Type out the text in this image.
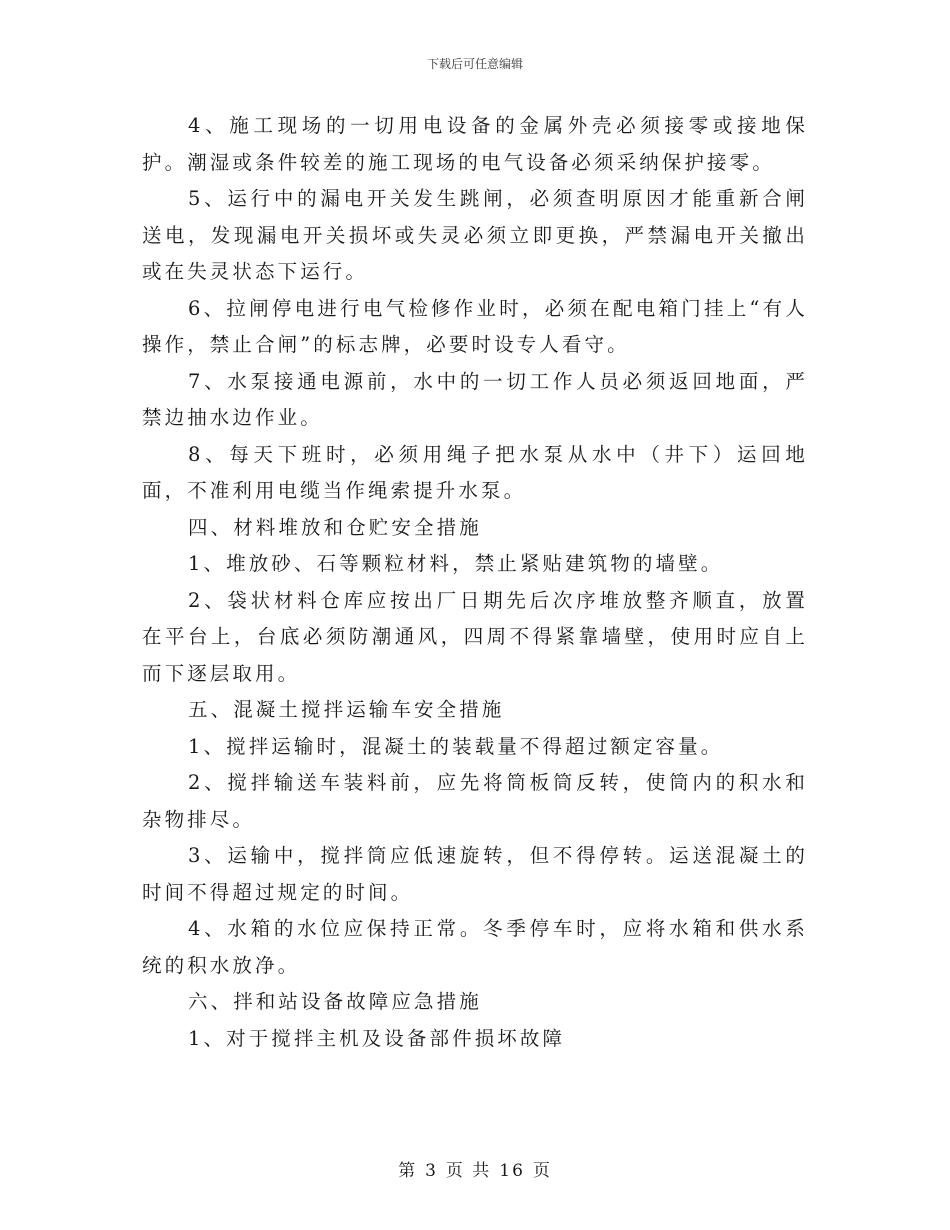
下载后可任意编辑

4、施工现场的一切用电设备的金属外壳必须接零或接地保护。潮湿或条件较差的施工现场的电气设备必须采纳保护接零。

5、运行中的漏电开关发生跳闸，必须查明原因才能重新合闸送电，发现漏电开关损坏或失灵必须立即更换，严禁漏电开关撤出或在失灵状态下运行。

6、拉闸停电进行电气检修作业时，必须在配电箱门挂上“有人操作，禁止合闸”的标志牌，必要时设专人看守。

7、水泵接通电源前，水中的一切工作人员必须返回地面，严禁边抽水边作业。

8、每天下班时，必须用绳子把水泵从水中（井下）运回地面，不准利用电缆当作绳索提升水泵。

四、材料堆放和仓贮安全措施

1、堆放砂、石等颗粒材料，禁止紧贴建筑物的墙壁。

2、袋状材料仓库应按出厂日期先后次序堆放整齐顺直，放置在平台上，台底必须防潮通风，四周不得紧靠墙壁，使用时应自上而下逐层取用。

五、混凝土搅拌运输车安全措施

1、搅拌运输时，混凝土的装载量不得超过额定容量。

2、搅拌输送车装料前，应先将筒板筒反转，使筒内的积水和杂物排尽。

3、运输中，搅拌筒应低速旋转，但不得停转。运送混凝土的时间不得超过规定的时间。

4、水箱的水位应保持正常。冬季停车时，应将水箱和供水系统的积水放净。

六、拌和站设备故障应急措施

1、对于搅拌主机及设备部件损坏故障

第 3 页 共 16 页
